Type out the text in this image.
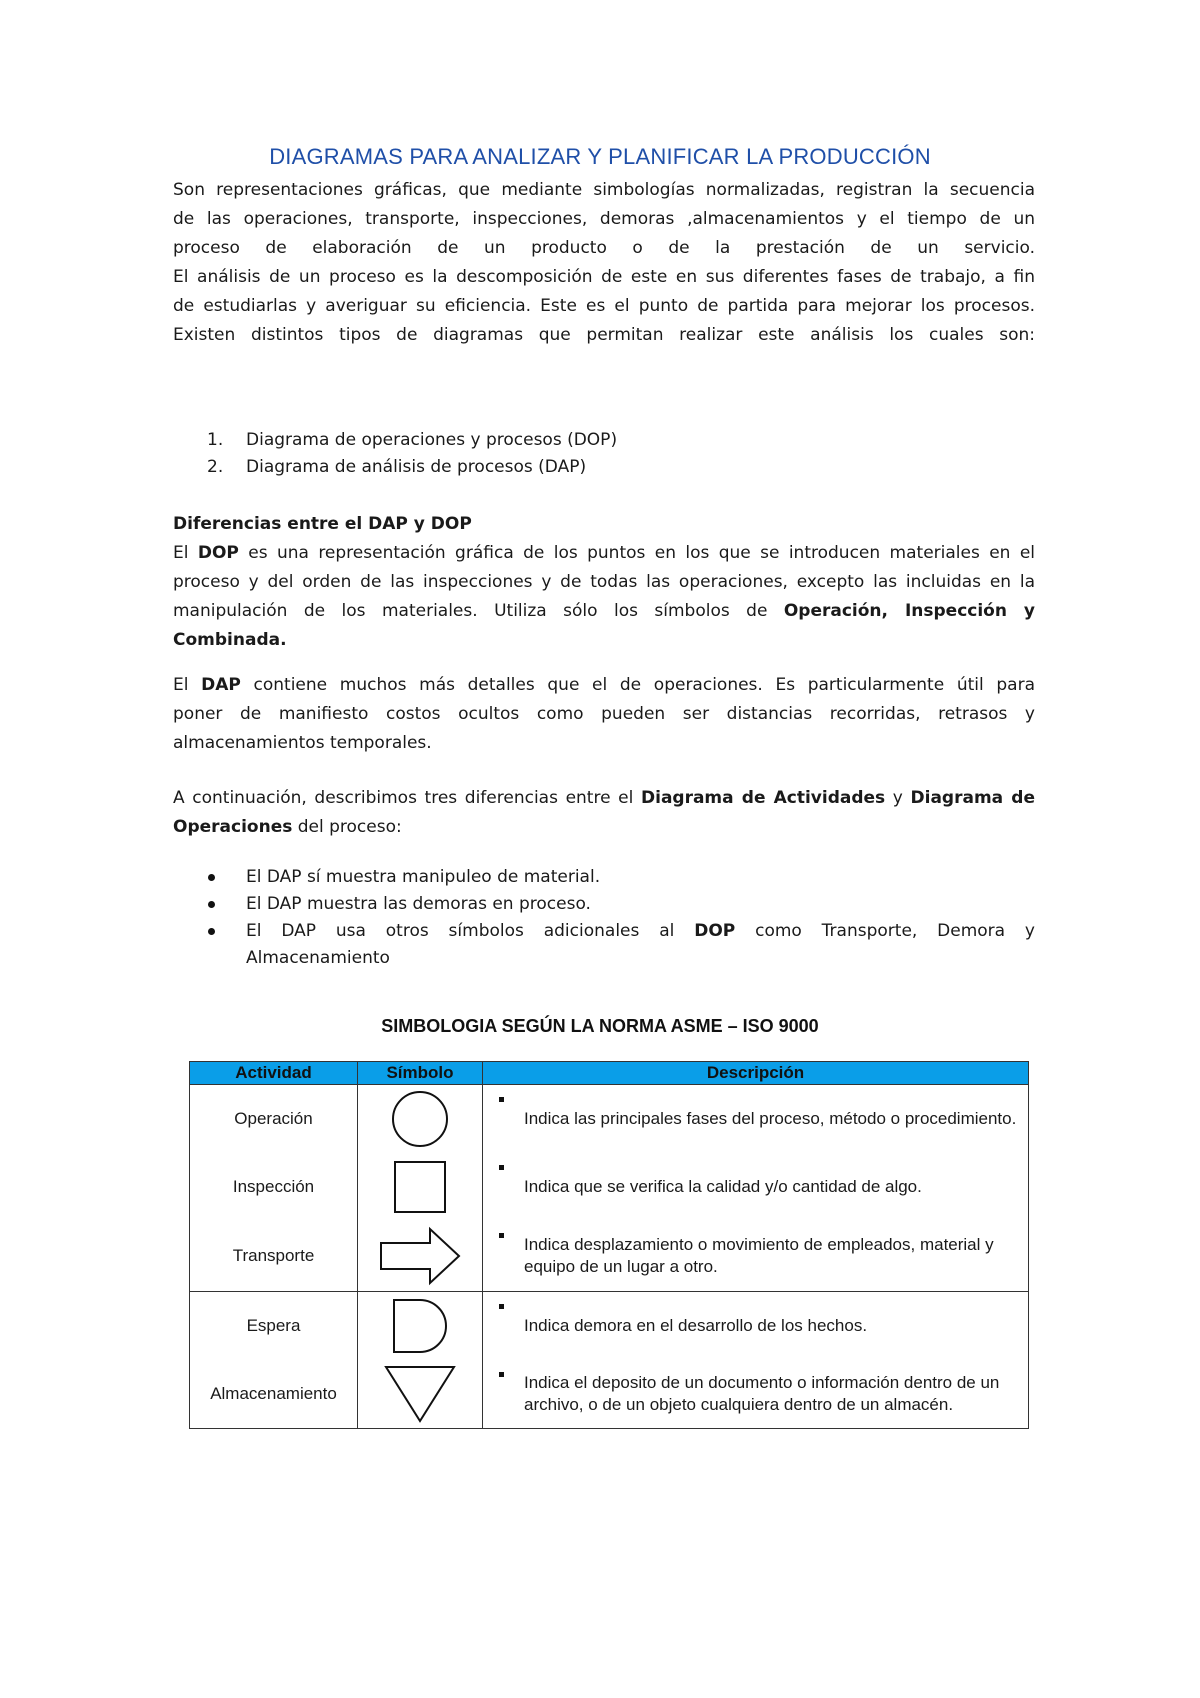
DIAGRAMAS PARA ANALIZAR Y PLANIFICAR LA PRODUCCIÓN
Son representaciones gráficas, que mediante simbologías normalizadas, registran la secuencia
de las operaciones, transporte, inspecciones, demoras ,almacenamientos y el tiempo de un
proceso de elaboración de un producto o de la prestación de un servicio.
El análisis de un proceso es la descomposición de este en sus diferentes fases de trabajo, a fin
de estudiarlas y averiguar su eficiencia. Este es el punto de partida para mejorar los procesos.
Existen distintos tipos de diagramas que permitan realizar este análisis los cuales son:
1. Diagrama de operaciones y procesos (DOP)
2. Diagrama de análisis de procesos (DAP)
Diferencias entre el DAP y DOP
El DOP es una representación gráfica de los puntos en los que se introducen materiales en el
proceso y del orden de las inspecciones y de todas las operaciones, excepto las incluidas en la
manipulación de los materiales. Utiliza sólo los símbolos de Operación, Inspección y
Combinada.
El DAP contiene muchos más detalles que el de operaciones. Es particularmente útil para
poner de manifiesto costos ocultos como pueden ser distancias recorridas, retrasos y
almacenamientos temporales.
A continuación, describimos tres diferencias entre el Diagrama de Actividades y Diagrama de
Operaciones del proceso:
El DAP sí muestra manipuleo de material.
El DAP muestra las demoras en proceso.
El DAP usa otros símbolos adicionales al DOP como Transporte, Demora y
Almacenamiento
SIMBOLOGIA SEGÚN LA NORMA ASME – ISO 9000
Actividad	Símbolo	Descripción
Operación		Indica las principales fases del proceso, método o procedimiento.

Inspección		Indica que se verifica la calidad y/o cantidad de algo.

Transporte		Indica desplazamiento o movimiento de empleados, material y equipo de un lugar a otro.

Espera		Indica demora en el desarrollo de los hechos.

Almacenamiento		Indica el deposito de un documento o información dentro de un archivo, o de un objeto cualquiera dentro de un almacén.
